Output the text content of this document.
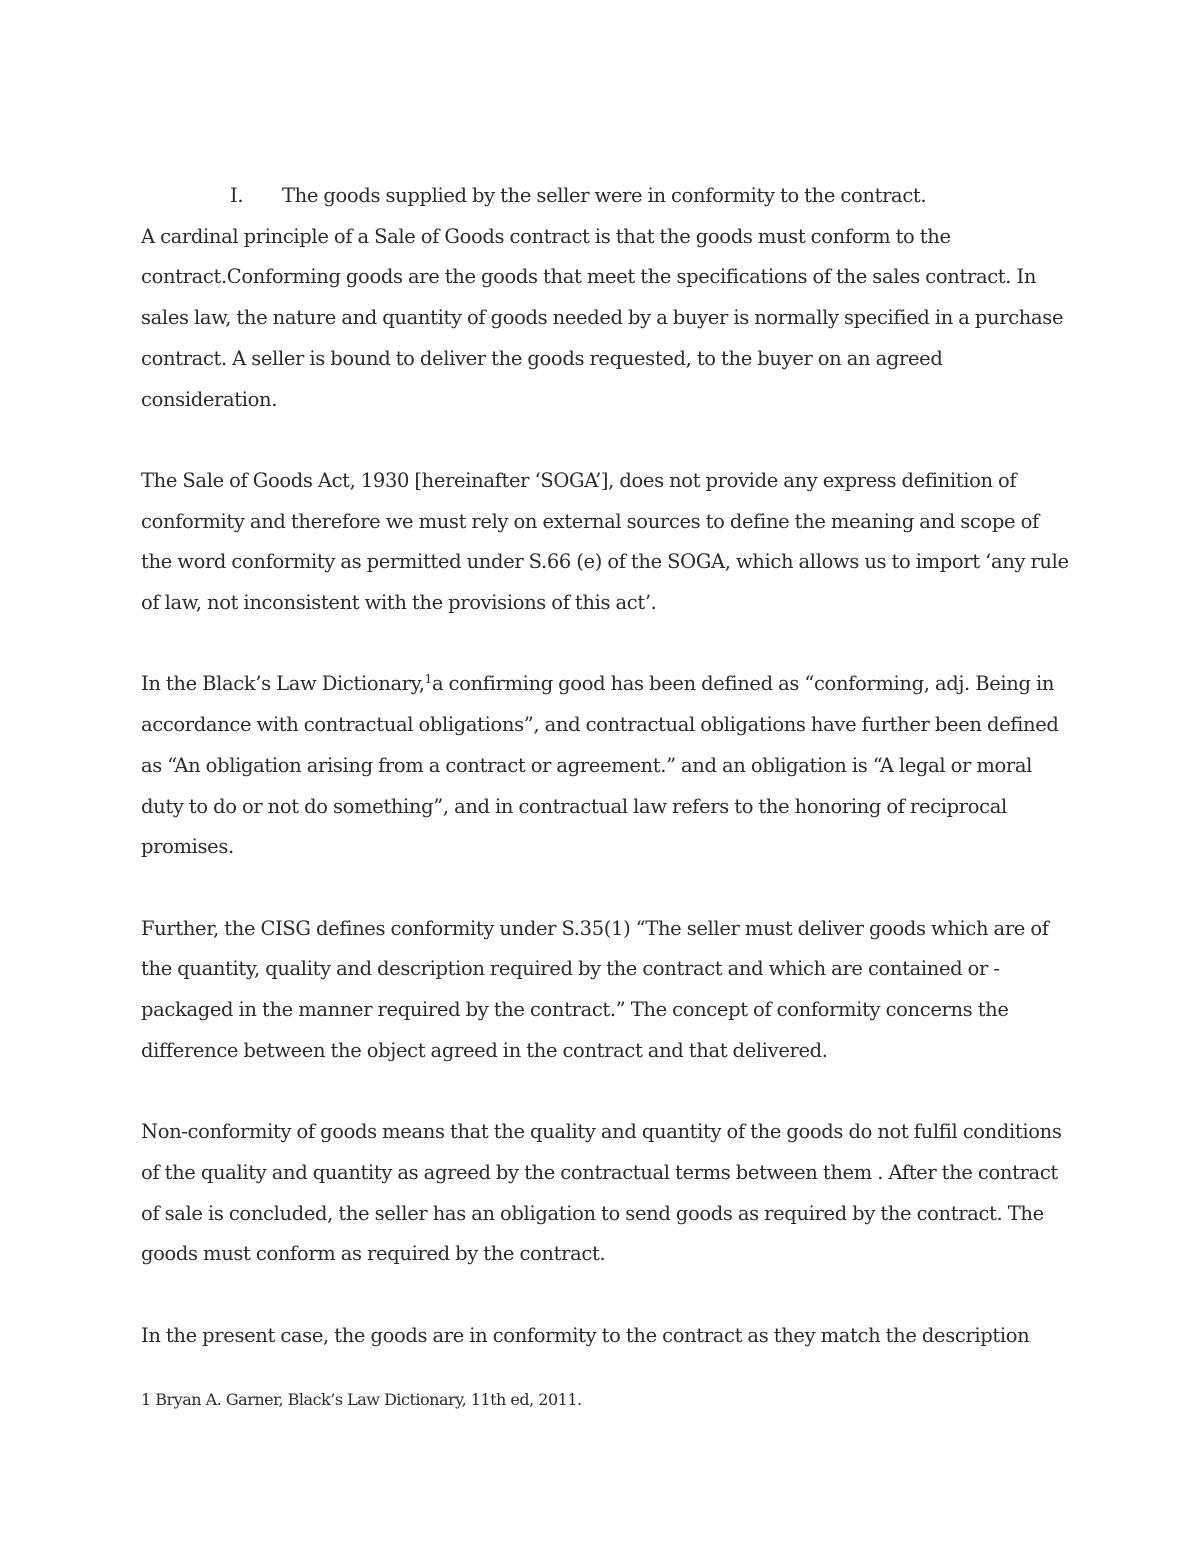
I.	The goods supplied by the seller were in conformity to the contract.

A cardinal principle of a Sale of Goods contract is that the goods must conform to the contract.Conforming goods are the goods that meet the specifications of the sales contract. In sales law, the nature and quantity of goods needed by a buyer is normally specified in a purchase contract. A seller is bound to deliver the goods requested, to the buyer on an agreed consideration.

The Sale of Goods Act, 1930 [hereinafter ‘SOGA’], does not provide any express definition of conformity and therefore we must rely on external sources to define the meaning and scope of the word conformity as permitted under S.66 (e) of the SOGA, which allows us to import ‘any rule of law, not inconsistent with the provisions of this act’.

In the Black’s Law Dictionary,$^1$a confirming good has been defined as “conforming, adj. Being in accordance with contractual obligations”, and contractual obligations have further been defined as “An obligation arising from a contract or agreement.” and an obligation is “A legal or moral duty to do or not do something”, and in contractual law refers to the honoring of reciprocal promises.

Further, the CISG defines conformity under S.35(1) “The seller must deliver goods which are of the quantity, quality and description required by the contract and which are contained or -packaged in the manner required by the contract.” The concept of conformity concerns the difference between the object agreed in the contract and that delivered.

Non-conformity of goods means that the quality and quantity of the goods do not fulfil conditions of the quality and quantity as agreed by the contractual terms between them . After the contract of sale is concluded, the seller has an obligation to send goods as required by the contract. The goods must conform as required by the contract.

In the present case, the goods are in conformity to the contract as they match the description

1 Bryan A. Garner, Black’s Law Dictionary, 11th ed, 2011.
